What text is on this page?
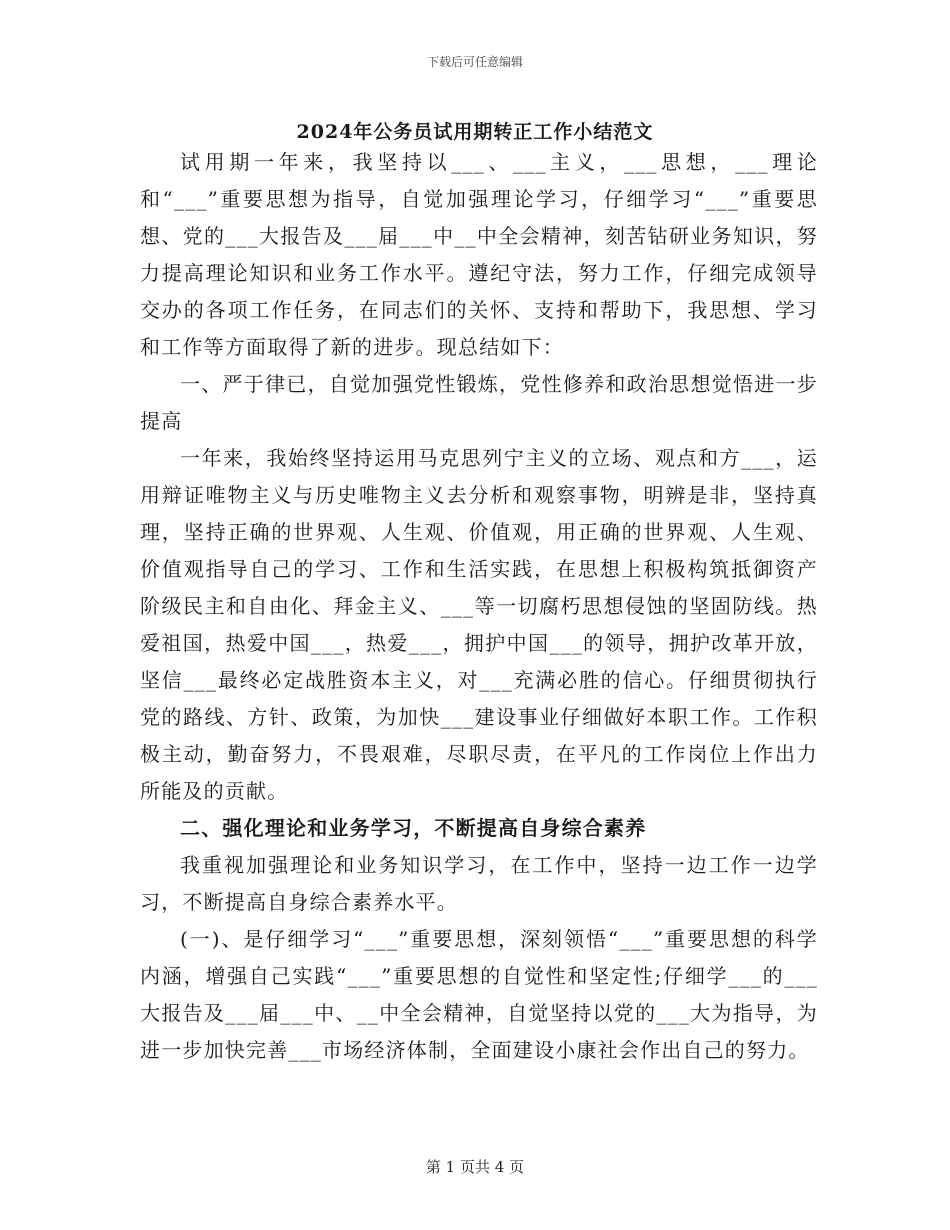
下载后可任意编辑
2024年公务员试用期转正工作小结范文

试用期一年来，我坚持以___、___主义，___思想，___理论和“___”重要思想为指导，自觉加强理论学习，仔细学习“___”重要思想、党的___大报告及___届___中__中全会精神，刻苦钻研业务知识，努力提高理论知识和业务工作水平。遵纪守法，努力工作，仔细完成领导交办的各项工作任务，在同志们的关怀、支持和帮助下，我思想、学习和工作等方面取得了新的进步。现总结如下：

一、严于律已，自觉加强党性锻炼，党性修养和政治思想觉悟进一步提高

一年来，我始终坚持运用马克思列宁主义的立场、观点和方___，运用辩证唯物主义与历史唯物主义去分析和观察事物，明辨是非，坚持真理，坚持正确的世界观、人生观、价值观，用正确的世界观、人生观、价值观指导自己的学习、工作和生活实践，在思想上积极构筑抵御资产阶级民主和自由化、拜金主义、___等一切腐朽思想侵蚀的坚固防线。热爱祖国，热爱中国___，热爱___，拥护中国___的领导，拥护改革开放，坚信___最终必定战胜资本主义，对___充满必胜的信心。仔细贯彻执行党的路线、方针、政策，为加快___建设事业仔细做好本职工作。工作积极主动，勤奋努力，不畏艰难，尽职尽责，在平凡的工作岗位上作出力所能及的贡献。

二、强化理论和业务学习，不断提高自身综合素养

我重视加强理论和业务知识学习，在工作中，坚持一边工作一边学习，不断提高自身综合素养水平。

(一)、是仔细学习“___”重要思想，深刻领悟“___”重要思想的科学内涵，增强自己实践“___”重要思想的自觉性和坚定性;仔细学___的___大报告及___届___中、__中全会精神，自觉坚持以党的___大为指导，为进一步加快完善___市场经济体制，全面建设小康社会作出自己的努力。

第 1 页共 4 页
